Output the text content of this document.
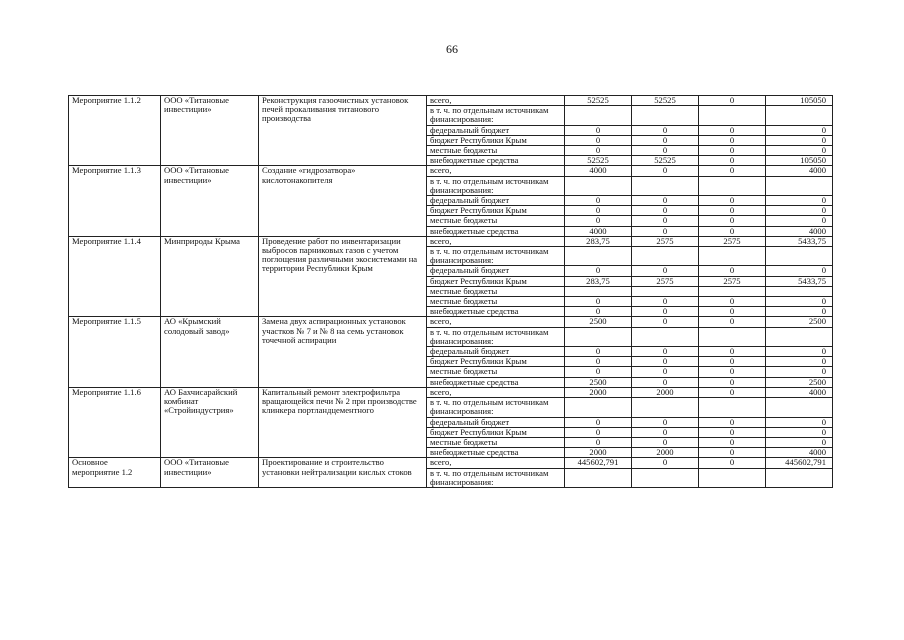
66
Мероприятие 1.1.2	ООО «Титановые инвестиции»	Реконструкция газоочистных установок печей прокаливания титанового производства	всего,	52525	52525	0	105050
			в т. ч. по отдельным источникам финансирования:				
			федеральный бюджет	0	0	0	0
			бюджет Республики Крым	0	0	0	0
			местные бюджеты	0	0	0	0
			внебюджетные средства	52525	52525	0	105050
Мероприятие 1.1.3	ООО «Титановые инвестиции»	Создание «гидрозатвора» кислотонакопителя	всего,	4000	0	0	4000
			в т. ч. по отдельным источникам финансирования:				
			федеральный бюджет	0	0	0	0
			бюджет Республики Крым	0	0	0	0
			местные бюджеты	0	0	0	0
			внебюджетные средства	4000	0	0	4000
Мероприятие 1.1.4	Минприроды Крыма	Проведение работ по инвентаризации выбросов парниковых газов с учетом поглощения различными экосистемами на территории Республики Крым	всего,	283,75	2575	2575	5433,75
			в т. ч. по отдельным источникам финансирования:				
			федеральный бюджет	0	0	0	0
			бюджет Республики Крым	283,75	2575	2575	5433,75
			местные бюджеты				
			местные бюджеты	0	0	0	0
			внебюджетные средства	0	0	0	0
Мероприятие 1.1.5	АО «Крымский солодовый завод»	Замена двух аспирационных установок участков № 7 и № 8 на семь установок точечной аспирации	всего,	2500	0	0	2500
			в т. ч. по отдельным источникам финансирования:				
			федеральный бюджет	0	0	0	0
			бюджет Республики Крым	0	0	0	0
			местные бюджеты	0	0	0	0
			внебюджетные средства	2500	0	0	2500
Мероприятие 1.1.6	АО Бахчисарайский комбинат «Стройиндустрия»	Капитальный ремонт электрофильтра вращающейся печи № 2 при производстве клинкера портландцементного	всего,	2000	2000	0	4000
			в т. ч. по отдельным источникам финансирования:				
			федеральный бюджет	0	0	0	0
			бюджет Республики Крым	0	0	0	0
			местные бюджеты	0	0	0	0
			внебюджетные средства	2000	2000	0	4000
Основное мероприятие 1.2	ООО «Титановые инвестиции»	Проектирование и строительство установки нейтрализации кислых стоков	всего,	445602,791	0	0	445602,791
			в т. ч. по отдельным источникам финансирования:				
